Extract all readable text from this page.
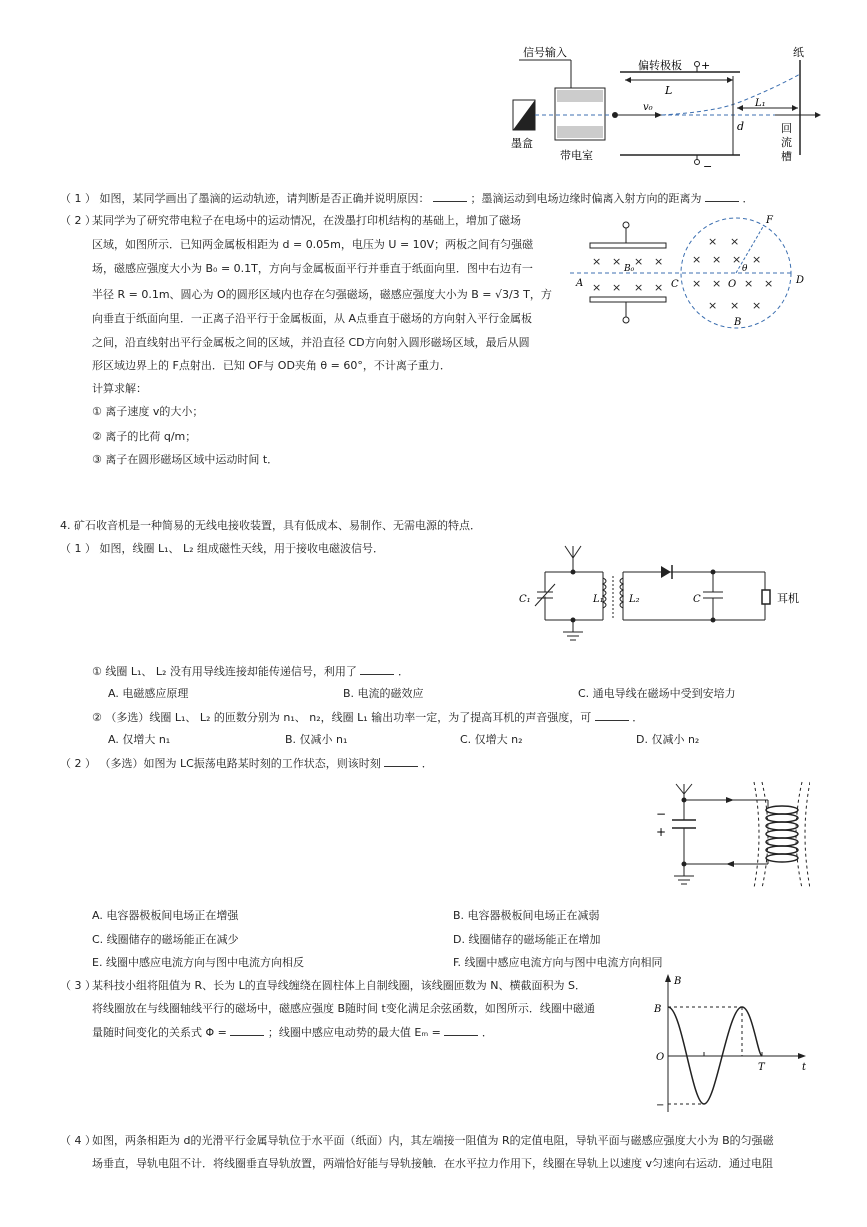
信号输入
墨盒
带电室
v₀
偏转极板 +
−
L
L₁
d
纸
回
流
槽
（ 1 ） 如图，某同学画出了墨滴的运动轨迹，请判断是否正确并说明原因：	；墨滴运动到电场边缘时偏离入射方向的距离为	．
（ 2 ）
某同学为了研究带电粒子在电场中的运动情况，在泼墨打印机结构的基础上，增加了磁场
区域，如图所示．已知两金属板相距为 d = 0.05m，电压为 U = 10V；两板之间有匀强磁
场，磁感应强度大小为 B₀ = 0.1T，方向与金属板面平行并垂直于纸面向里．图中右边有一
半径 R = 0.1m、圆心为 O的圆形区域内也存在匀强磁场，磁感应强度大小为 B = √3/3 T，方
向垂直于纸面向里．一正离子沿平行于金属板面，从 A点垂直于磁场的方向射入平行金属板
之间，沿直线射出平行金属板之间的区域，并沿直径 CD方向射入圆形磁场区域，最后从圆
形区域边界上的 F点射出．已知 OF与 OD夹角 θ = 60°，不计离子重力．
计算求解：
① 离子速度 v的大小；
② 离子的比荷 q/m；
③ 离子在圆形磁场区域中运动时间 t．
× × × ×
× × × ×
B₀
A	C	D
× ×
× × × ×
× × × ×
× × ×
O
B
F
θ
4. 矿石收音机是一种简易的无线电接收装置，具有低成本、易制作、无需电源的特点．
（ 1 ） 如图，线圈 L₁、 L₂ 组成磁性天线，用于接收电磁波信号．
C₁	L₁	L₂	C	耳机
① 线圈 L₁、 L₂ 没有用导线连接却能传递信号，利用了	．
A. 电磁感应原理	B. 电流的磁效应	C. 通电导线在磁场中受到安培力
② （多选）线圈 L₁、 L₂ 的匝数分别为 n₁、 n₂，线圈 L₁ 输出功率一定，为了提高耳机的声音强度，可	．
A. 仅增大 n₁	B. 仅减小 n₁	C. 仅增大 n₂	D. 仅减小 n₂
（ 2 ） （多选）如图为 LC振荡电路某时刻的工作状态，则该时刻	．
−
+
A. 电容器极板间电场正在增强	B. 电容器极板间电场正在减弱
C. 线圈储存的磁场能正在减少	D. 线圈储存的磁场能正在增加
E. 线圈中感应电流方向与图中电流方向相反	F. 线圈中感应电流方向与图中电流方向相同
（ 3 ）
某科技小组将阻值为 R、长为 L的直导线缠绕在圆柱体上自制线圈，该线圈匝数为 N、横截面积为 S．
将线圈放在与线圈轴线平行的磁场中，磁感应强度 B随时间 t变化满足余弦函数，如图所示．线圈中磁通
量随时间变化的关系式 Φ =	；线圈中感应电动势的最大值 Eₘ =	．
B
t
O
B
−
T
（ 4 ）
如图，两条相距为 d的光滑平行金属导轨位于水平面（纸面）内，其左端接一阻值为 R的定值电阻，导轨平面与磁感应强度大小为 B的匀强磁
场垂直，导轨电阻不计．将线圈垂直导轨放置，两端恰好能与导轨接触．在水平拉力作用下，线圈在导轨上以速度 v匀速向右运动．通过电阻
